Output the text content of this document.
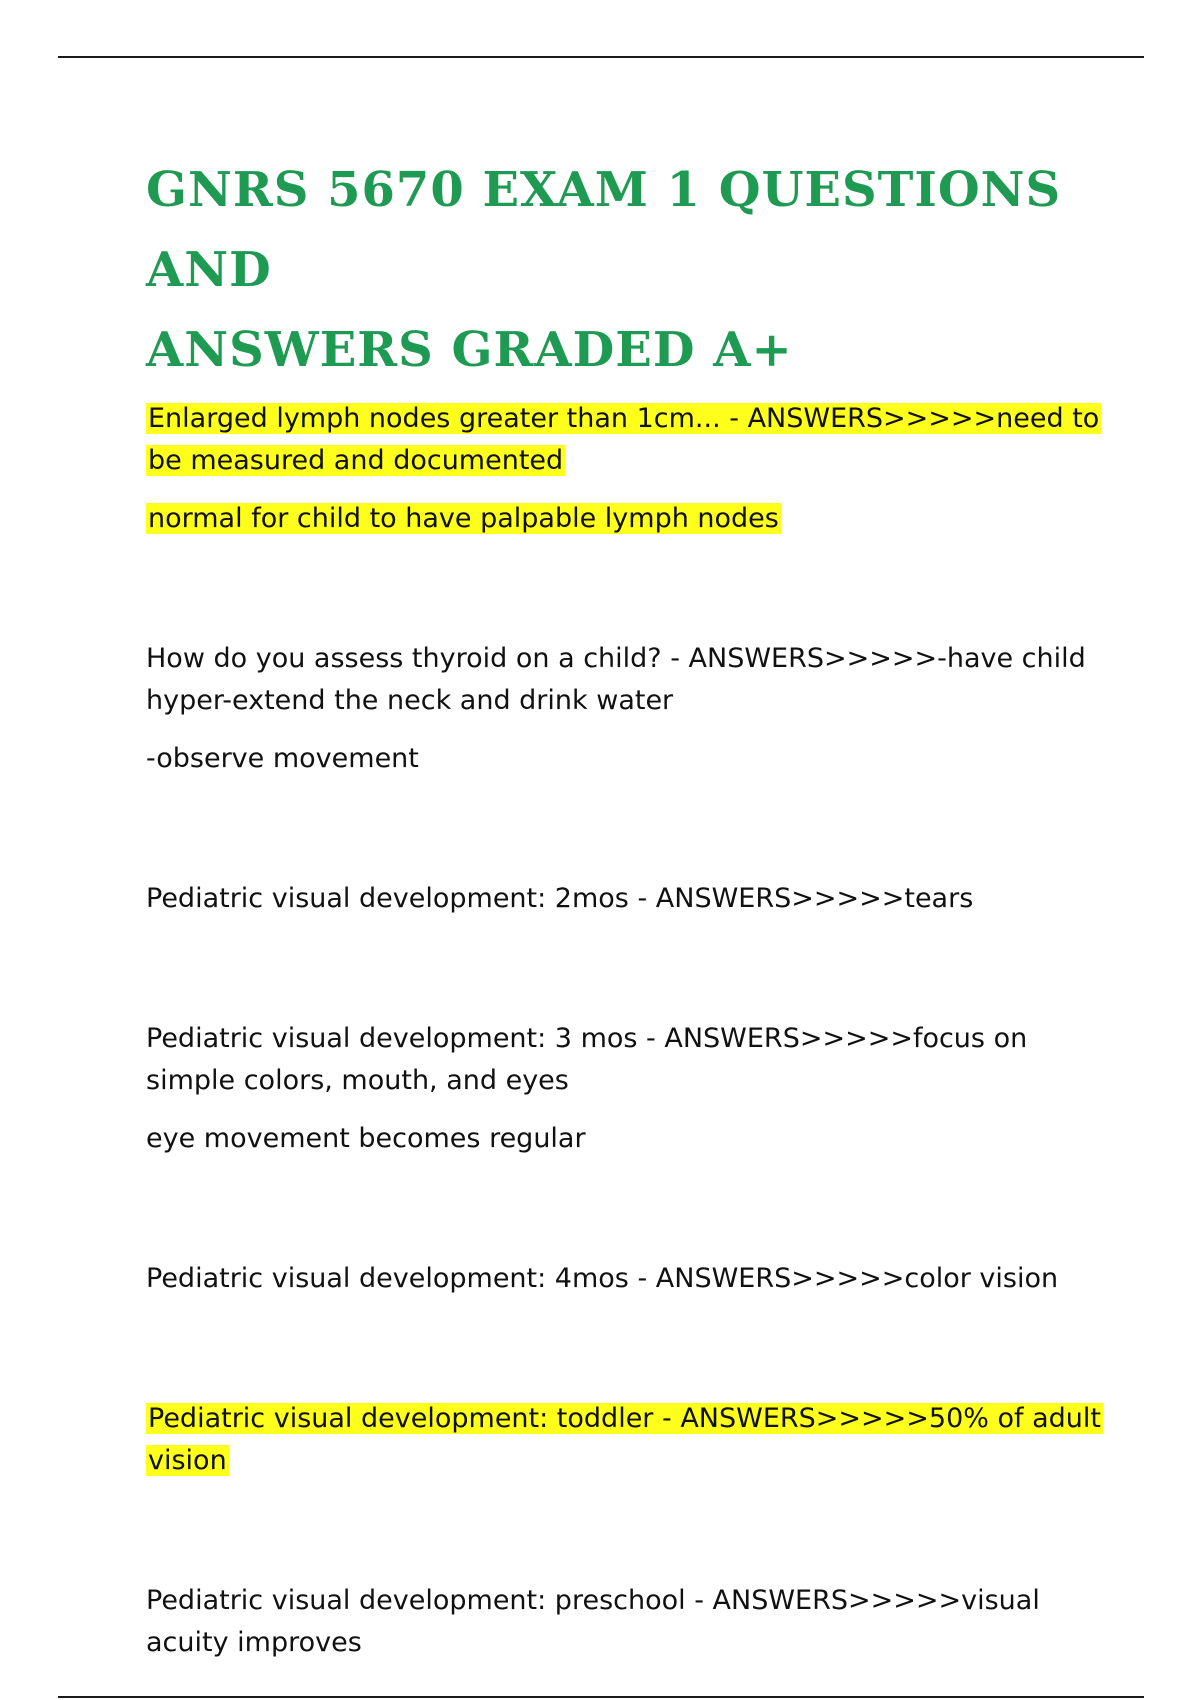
GNRS 5670 EXAM 1 QUESTIONS AND
ANSWERS GRADED A+

Enlarged lymph nodes greater than 1cm... - ANSWERS>>>>>need to be measured and documented

normal for child to have palpable lymph nodes

How do you assess thyroid on a child? - ANSWERS>>>>>-have child hyper-extend the neck and drink water

-observe movement

Pediatric visual development: 2mos - ANSWERS>>>>>tears

Pediatric visual development: 3 mos - ANSWERS>>>>>focus on simple colors, mouth, and eyes

eye movement becomes regular

Pediatric visual development: 4mos - ANSWERS>>>>>color vision

Pediatric visual development: toddler - ANSWERS>>>>>50% of adult vision

Pediatric visual development: preschool - ANSWERS>>>>>visual acuity improves
